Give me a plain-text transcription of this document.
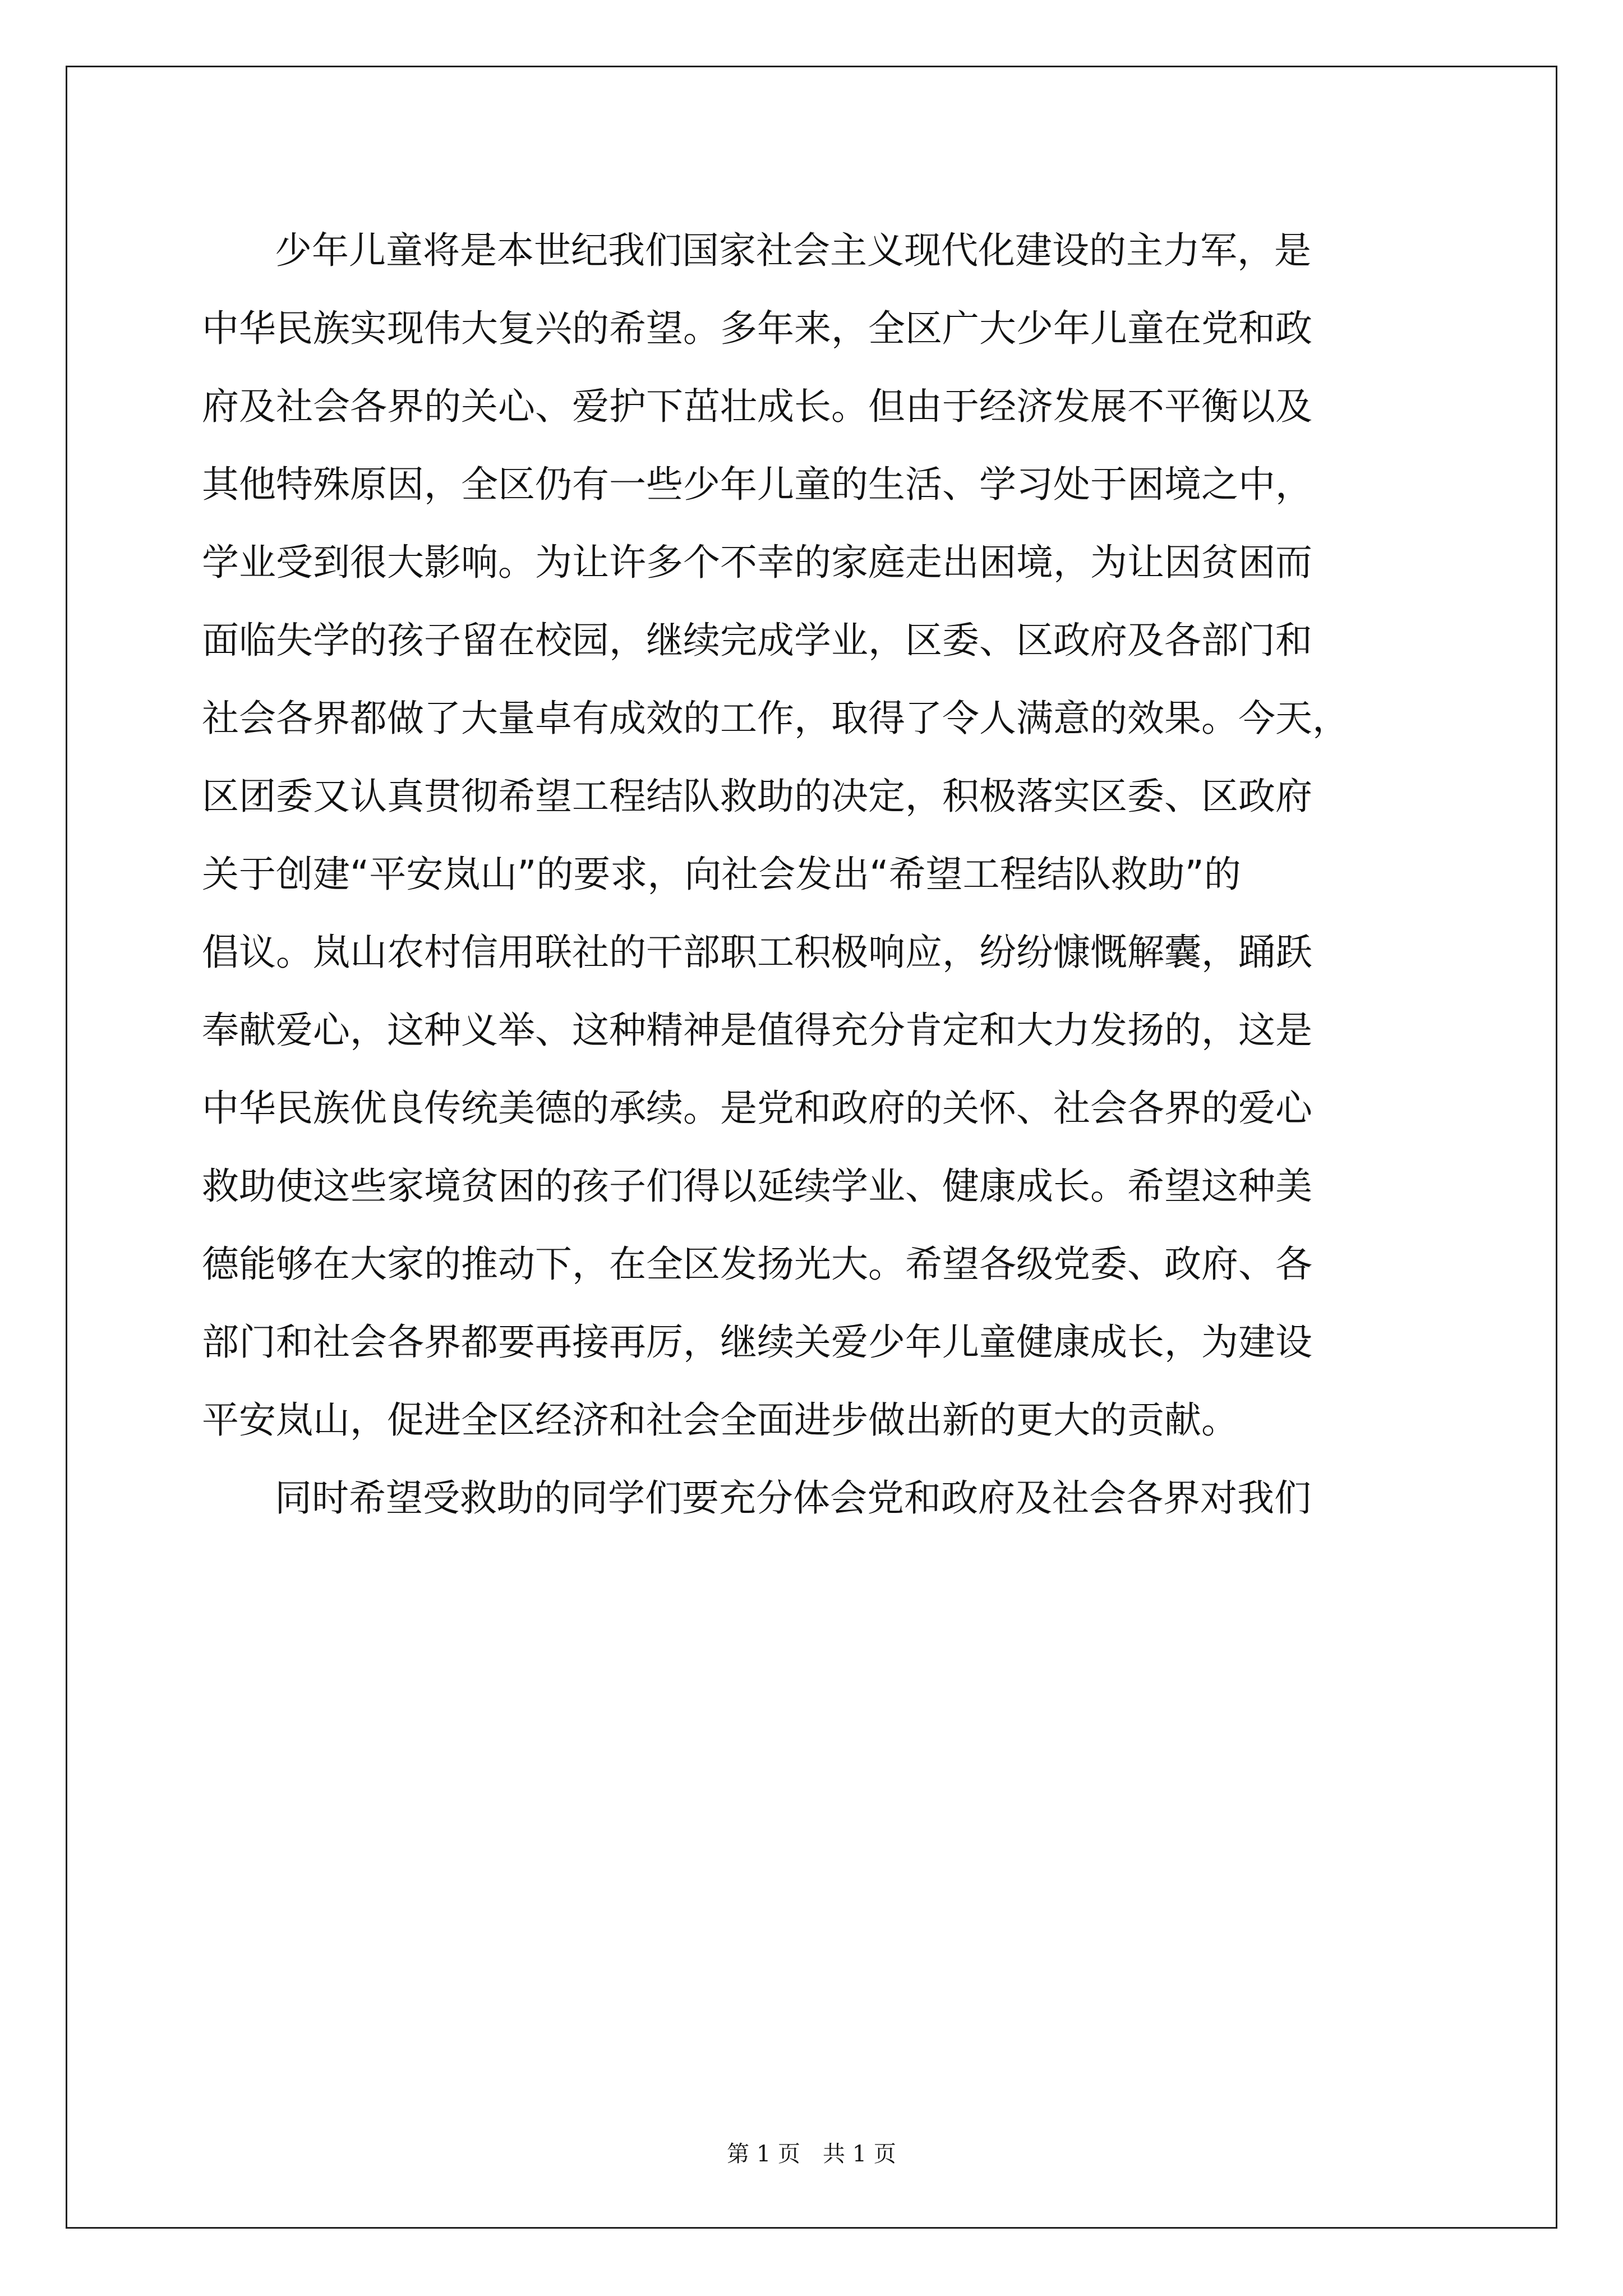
少年儿童将是本世纪我们国家社会主义现代化建设的主力军，是
中华民族实现伟大复兴的希望。多年来，全区广大少年儿童在党和政
府及社会各界的关心、爱护下茁壮成长。但由于经济发展不平衡以及
其他特殊原因，全区仍有一些少年儿童的生活、学习处于困境之中，
学业受到很大影响。为让许多个不幸的家庭走出困境，为让因贫困而
面临失学的孩子留在校园，继续完成学业，区委、区政府及各部门和
社会各界都做了大量卓有成效的工作，取得了令人满意的效果。今天，
区团委又认真贯彻希望工程结队救助的决定，积极落实区委、区政府
关于创建“平安岚山”的要求，向社会发出“希望工程结队救助”的
倡议。岚山农村信用联社的干部职工积极响应，纷纷慷慨解囊，踊跃
奉献爱心，这种义举、这种精神是值得充分肯定和大力发扬的，这是
中华民族优良传统美德的承续。是党和政府的关怀、社会各界的爱心
救助使这些家境贫困的孩子们得以延续学业、健康成长。希望这种美
德能够在大家的推动下，在全区发扬光大。希望各级党委、政府、各
部门和社会各界都要再接再厉，继续关爱少年儿童健康成长，为建设
平安岚山，促进全区经济和社会全面进步做出新的更大的贡献。
同时希望受救助的同学们要充分体会党和政府及社会各界对我们
第 1 页　共 1 页
